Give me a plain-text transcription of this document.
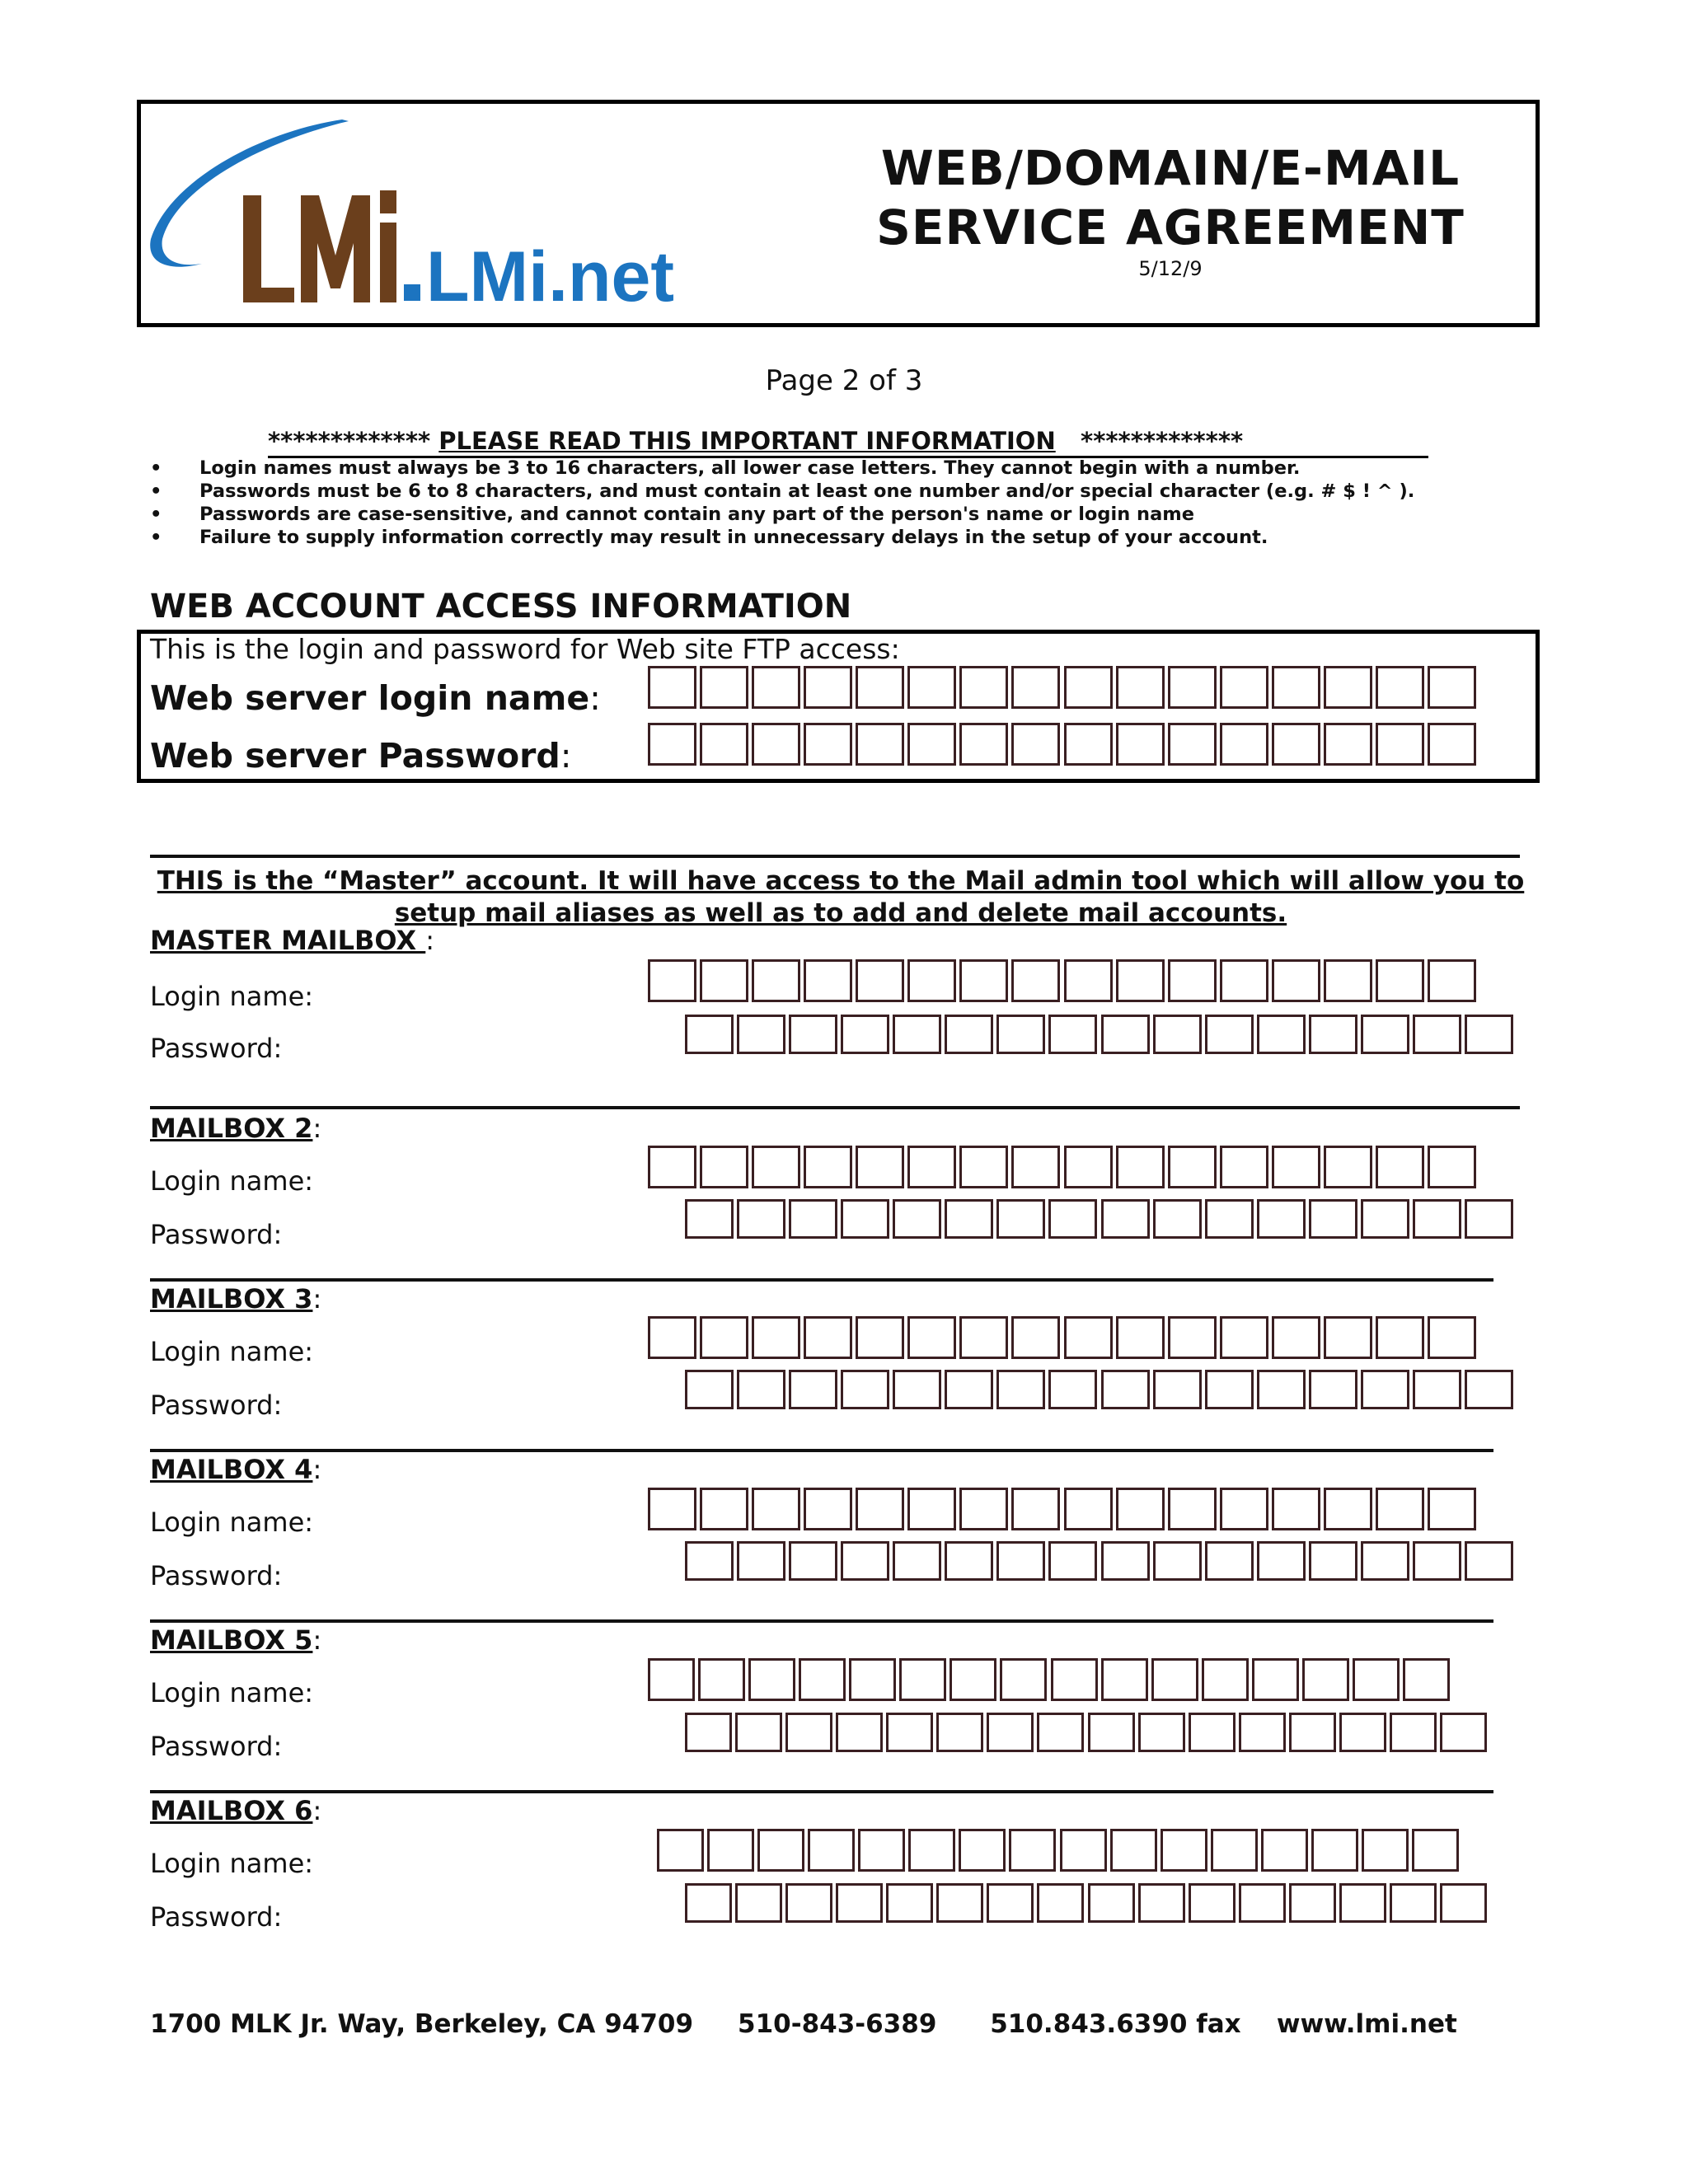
LMi.net
WEB/DOMAIN/E-MAIL
SERVICE AGREEMENT
5/12/9
Page 2 of 3
************* PLEASE READ THIS IMPORTANT INFORMATION *************
• Login names must always be 3 to 16 characters, all lower case letters. They cannot begin with a number.
• Passwords must be 6 to 8 characters, and must contain at least one number and/or special character (e.g. # $ ! ^ ).
• Passwords are case-sensitive, and cannot contain any part of the person's name or login name
• Failure to supply information correctly may result in unnecessary delays in the setup of your account.
WEB ACCOUNT ACCESS INFORMATION
This is the login and password for Web site FTP access:
Web server login name:
Web server Password:
THIS is the “Master” account. It will have access to the Mail admin tool which will allow you to setup mail aliases as well as to add and delete mail accounts.
MASTER MAILBOX :
Login name:
Password:
MAILBOX 2:
Login name:
Password:
MAILBOX 3:
Login name:
Password:
MAILBOX 4:
Login name:
Password:
MAILBOX 5:
Login name:
Password:
MAILBOX 6:
Login name:
Password:
1700 MLK Jr. Way, Berkeley, CA 94709 510-843-6389 510.843.6390 fax www.lmi.net
